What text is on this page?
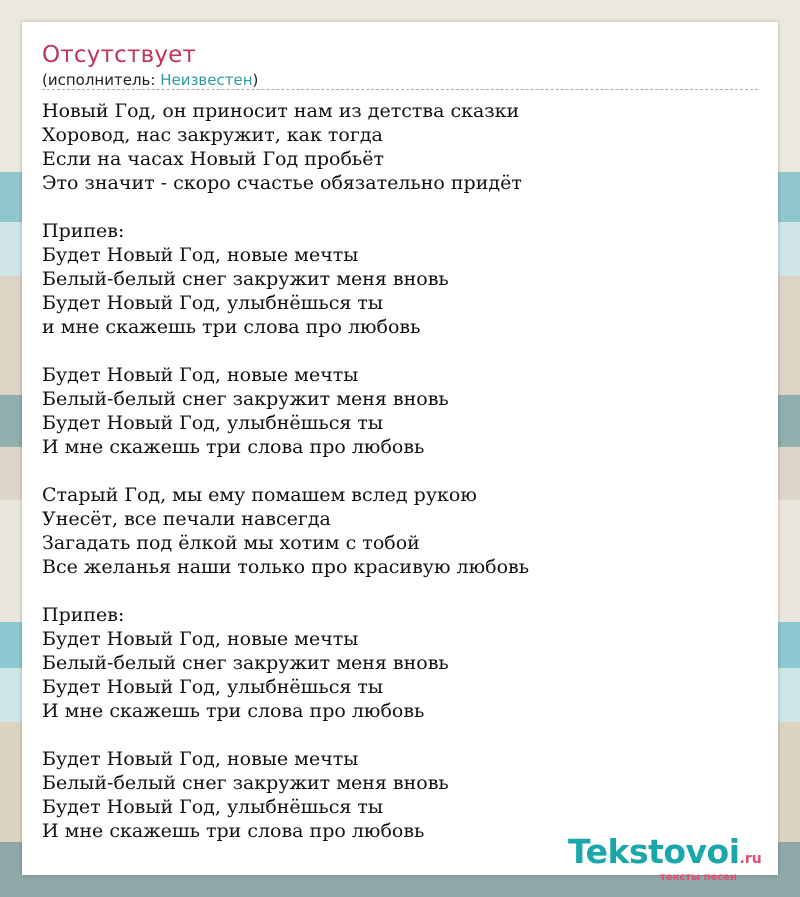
Отсутствует
(исполнитель: Неизвестен)
Новый Год, он приносит нам из детства сказки
Хоровод, нас закружит, как тогда
Если на часах Новый Год пробьёт
Это значит - скоро счастье обязательно придёт

Припев:
Будет Новый Год, новые мечты
Белый-белый снег закружит меня вновь
Будет Новый Год, улыбнёшься ты
и мне скажешь три слова про любовь

Будет Новый Год, новые мечты
Белый-белый снег закружит меня вновь
Будет Новый Год, улыбнёшься ты
И мне скажешь три слова про любовь

Старый Год, мы ему помашем вслед рукою
Унесёт, все печали навсегда
Загадать под ёлкой мы хотим с тобой
Все желанья наши только про красивую любовь

Припев:
Будет Новый Год, новые мечты
Белый-белый снег закружит меня вновь
Будет Новый Год, улыбнёшься ты
И мне скажешь три слова про любовь

Будет Новый Год, новые мечты
Белый-белый снег закружит меня вновь
Будет Новый Год, улыбнёшься ты
И мне скажешь три слова про любовь
Tekstovoi.ru
тексты песен
